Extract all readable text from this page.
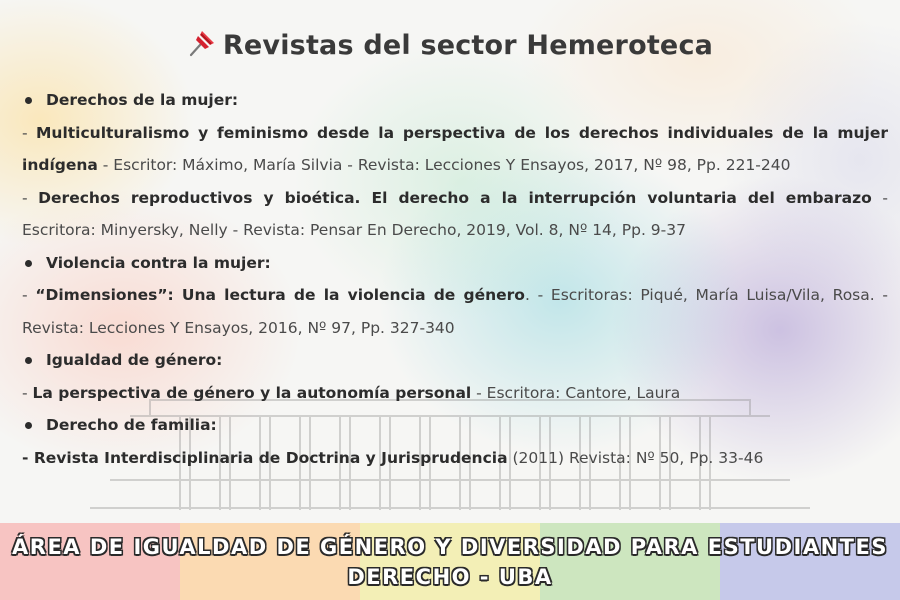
Revistas del sector Hemeroteca
Derechos de la mujer:
- Multiculturalismo y feminismo desde la perspectiva de los derechos individuales de la mujer indígena - Escritor: Máximo, María Silvia - Revista: Lecciones Y Ensayos, 2017, Nº 98, Pp. 221-240
- Derechos reproductivos y bioética. El derecho a la interrupción voluntaria del embarazo - Escritora: Minyersky, Nelly - Revista: Pensar En Derecho, 2019, Vol. 8, Nº 14, Pp. 9-37
Violencia contra la mujer:
- “Dimensiones”: Una lectura de la violencia de género. - Escritoras: Piqué, María Luisa/Vila, Rosa. - Revista: Lecciones Y Ensayos, 2016, Nº 97, Pp. 327-340
Igualdad de género:
- La perspectiva de género y la autonomía personal - Escritora: Cantore, Laura
Derecho de familia:
- Revista Interdisciplinaria de Doctrina y Jurisprudencia (2011) Revista: Nº 50, Pp. 33-46
ÁREA DE IGUALDAD DE GÉNERO Y DIVERSIDAD PARA ESTUDIANTES
DERECHO - UBA
